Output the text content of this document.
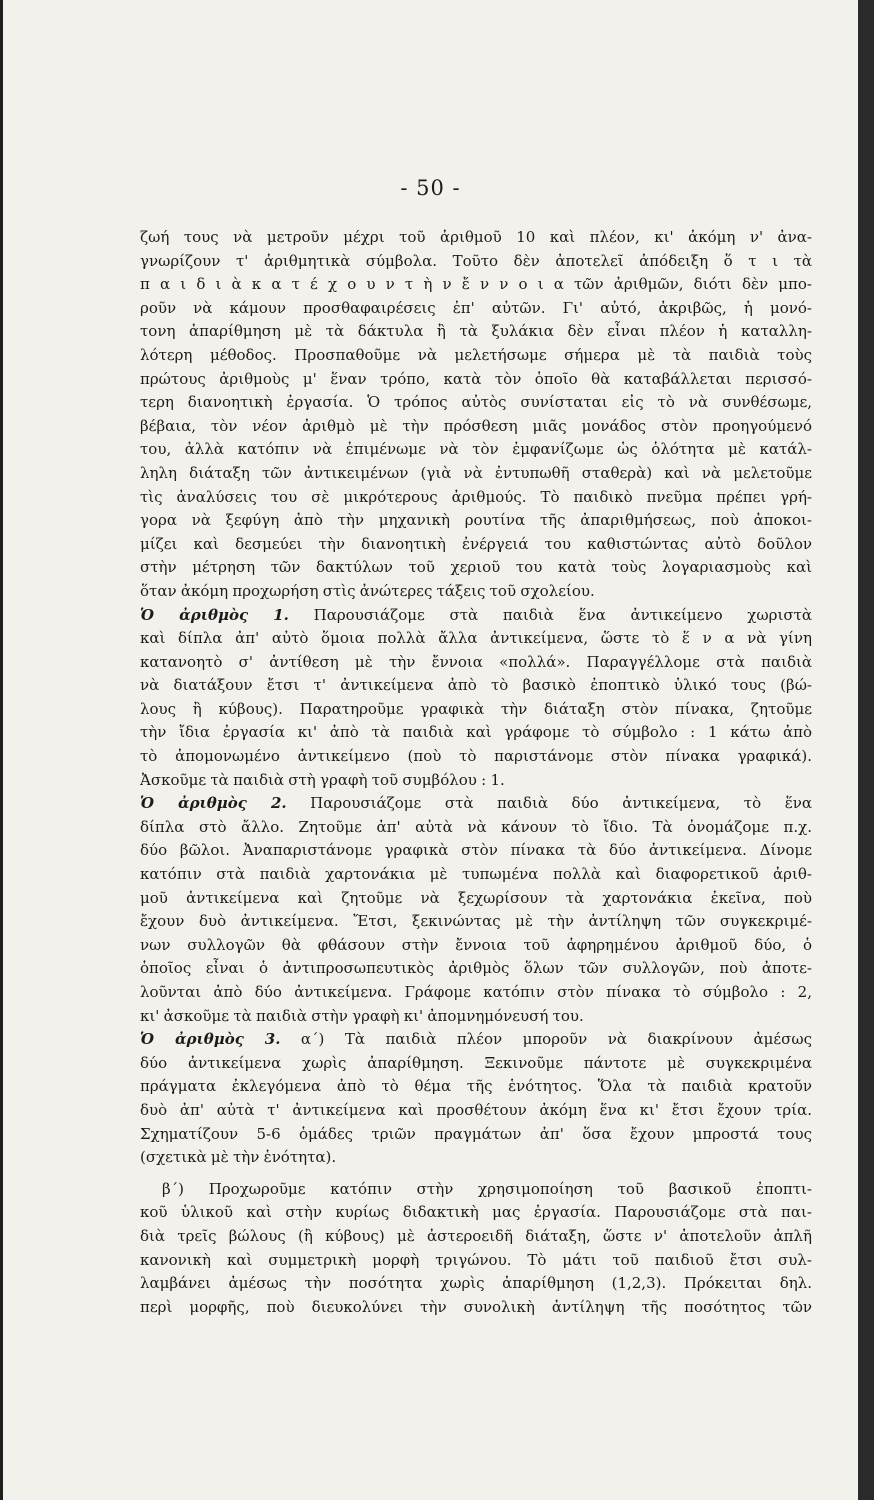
- 50 -
ζωή τους νὰ μετροῦν μέχρι τοῦ ἀριθμοῦ 10 καὶ πλέον, κι' ἀκόμη ν' ἀνα-
γνωρίζουν τ' ἀριθμητικὰ σύμβολα. Τοῦτο δὲν ἀποτελεῖ ἀπόδειξη ὅ τ ι τὰ
π α ι δ ι ὰ κ α τ έ χ ο υ ν τ ὴ ν ἔ ν ν ο ι α τῶν ἀριθμῶν, διότι δὲν μπο-
ροῦν νὰ κάμουν προσθαφαιρέσεις ἐπ' αὐτῶν. Γι' αὐτό, ἀκριβῶς, ἡ μονό-
τονη ἀπαρίθμηση μὲ τὰ δάκτυλα ἢ τὰ ξυλάκια δὲν εἶναι πλέον ἡ καταλλη-
λότερη μέθοδος. Προσπαθοῦμε νὰ μελετήσωμε σήμερα μὲ τὰ παιδιὰ τοὺς
πρώτους ἀριθμοὺς μ' ἕναν τρόπο, κατὰ τὸν ὁποῖο θὰ καταβάλλεται περισσό-
τερη διανοητικὴ ἐργασία. Ὁ τρόπος αὐτὸς συνίσταται εἰς τὸ νὰ συνθέσωμε,
βέβαια, τὸν νέον ἀριθμὸ μὲ τὴν πρόσθεση μιᾶς μονάδος στὸν προηγούμενό
του, ἀλλὰ κατόπιν νὰ ἐπιμένωμε νὰ τὸν ἐμφανίζωμε ὡς ὁλότητα μὲ κατάλ-
ληλη διάταξη τῶν ἀντικειμένων (γιὰ νὰ ἐντυπωθῆ σταθερὰ) καὶ νὰ μελετοῦμε
τὶς ἀναλύσεις του σὲ μικρότερους ἀριθμούς. Τὸ παιδικὸ πνεῦμα πρέπει γρή-
γορα νὰ ξεφύγη ἀπὸ τὴν μηχανικὴ ρουτίνα τῆς ἀπαριθμήσεως, ποὺ ἀποκοι-
μίζει καὶ δεσμεύει τὴν διανοητικὴ ἐνέργειά του καθιστώντας αὐτὸ δοῦλον
στὴν μέτρηση τῶν δακτύλων τοῦ χεριοῦ του κατὰ τοὺς λογαριασμοὺς καὶ
ὅταν ἀκόμη προχωρήση στὶς ἀνώτερες τάξεις τοῦ σχολείου.
Ὁ ἀριθμὸς 1. Παρουσιάζομε στὰ παιδιὰ ἕνα ἀντικείμενο χωριστὰ
καὶ δίπλα ἀπ' αὐτὸ ὅμοια πολλὰ ἄλλα ἀντικείμενα, ὥστε τὸ ἕ ν α νὰ γίνη
κατανοητὸ σ' ἀντίθεση μὲ τὴν ἔννοια «πολλά». Παραγγέλλομε στὰ παιδιὰ
νὰ διατάξουν ἔτσι τ' ἀντικείμενα ἀπὸ τὸ βασικὸ ἐποπτικὸ ὑλικό τους (βώ-
λους ἢ κύβους). Παρατηροῦμε γραφικὰ τὴν διάταξη στὸν πίνακα, ζητοῦμε
τὴν ἴδια ἐργασία κι' ἀπὸ τὰ παιδιὰ καὶ γράφομε τὸ σύμβολο : 1 κάτω ἀπὸ
τὸ ἀπομονωμένο ἀντικείμενο (ποὺ τὸ παριστάνομε στὸν πίνακα γραφικά).
Ἀσκοῦμε τὰ παιδιὰ στὴ γραφὴ τοῦ συμβόλου : 1.
Ὁ ἀριθμὸς 2. Παρουσιάζομε στὰ παιδιὰ δύο ἀντικείμενα, τὸ ἕνα
δίπλα στὸ ἄλλο. Ζητοῦμε ἀπ' αὐτὰ νὰ κάνουν τὸ ἴδιο. Τὰ ὀνομάζομε π.χ.
δύο βῶλοι. Ἀναπαριστάνομε γραφικὰ στὸν πίνακα τὰ δύο ἀντικείμενα. Δίνομε
κατόπιν στὰ παιδιὰ χαρτονάκια μὲ τυπωμένα πολλὰ καὶ διαφορετικοῦ ἀριθ-
μοῦ ἀντικείμενα καὶ ζητοῦμε νὰ ξεχωρίσουν τὰ χαρτονάκια ἐκεῖνα, ποὺ
ἔχουν δυὸ ἀντικείμενα. Ἔτσι, ξεκινώντας μὲ τὴν ἀντίληψη τῶν συγκεκριμέ-
νων συλλογῶν θὰ φθάσουν στὴν ἔννοια τοῦ ἀφηρημένου ἀριθμοῦ δύο, ὁ
ὁποῖος εἶναι ὁ ἀντιπροσωπευτικὸς ἀριθμὸς ὅλων τῶν συλλογῶν, ποὺ ἀποτε-
λοῦνται ἀπὸ δύο ἀντικείμενα. Γράφομε κατόπιν στὸν πίνακα τὸ σύμβολο : 2,
κι' ἀσκοῦμε τὰ παιδιὰ στὴν γραφὴ κι' ἀπομνημόνευσή του.
Ὁ ἀριθμὸς 3. α΄) Τὰ παιδιὰ πλέον μποροῦν νὰ διακρίνουν ἀμέσως
δύο ἀντικείμενα χωρὶς ἀπαρίθμηση. Ξεκινοῦμε πάντοτε μὲ συγκεκριμένα
πράγματα ἐκλεγόμενα ἀπὸ τὸ θέμα τῆς ἑνότητος. Ὅλα τὰ παιδιὰ κρατοῦν
δυὸ ἀπ' αὐτὰ τ' ἀντικείμενα καὶ προσθέτουν ἀκόμη ἕνα κι' ἔτσι ἔχουν τρία.
Σχηματίζουν 5-6 ὁμάδες τριῶν πραγμάτων ἀπ' ὅσα ἔχουν μπροστά τους
(σχετικὰ μὲ τὴν ἑνότητα).
β΄) Προχωροῦμε κατόπιν στὴν χρησιμοποίηση τοῦ βασικοῦ ἐποπτι-
κοῦ ὑλικοῦ καὶ στὴν κυρίως διδακτικὴ μας ἐργασία. Παρουσιάζομε στὰ παι-
διὰ τρεῖς βώλους (ἢ κύβους) μὲ ἀστεροειδῆ διάταξη, ὥστε ν' ἀποτελοῦν ἁπλῆ
κανονικὴ καὶ συμμετρικὴ μορφὴ τριγώνου. Τὸ μάτι τοῦ παιδιοῦ ἔτσι συλ-
λαμβάνει ἀμέσως τὴν ποσότητα χωρὶς ἀπαρίθμηση (1,2,3). Πρόκειται δηλ.
περὶ μορφῆς, ποὺ διευκολύνει τὴν συνολικὴ ἀντίληψη τῆς ποσότητος τῶν
